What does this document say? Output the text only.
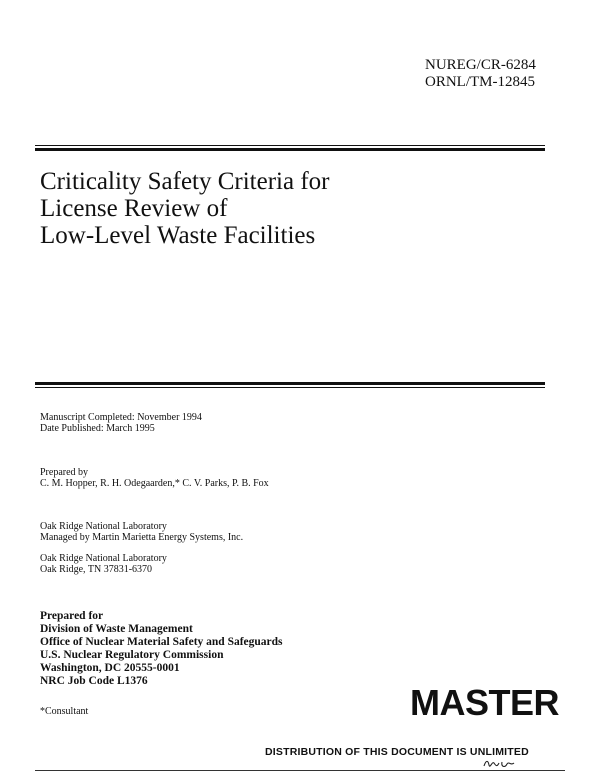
NUREG/CR-6284
ORNL/TM-12845
Criticality Safety Criteria for
License Review of
Low-Level Waste Facilities
Manuscript Completed: November 1994
Date Published: March 1995
Prepared by
C. M. Hopper, R. H. Odegaarden,* C. V. Parks, P. B. Fox
Oak Ridge National Laboratory
Managed by Martin Marietta Energy Systems, Inc.
Oak Ridge National Laboratory
Oak Ridge, TN 37831-6370
Prepared for
Division of Waste Management
Office of Nuclear Material Safety and Safeguards
U.S. Nuclear Regulatory Commission
Washington, DC 20555-0001
NRC Job Code L1376
*Consultant	MASTER
DISTRIBUTION OF THIS DOCUMENT IS UNLIMITED
